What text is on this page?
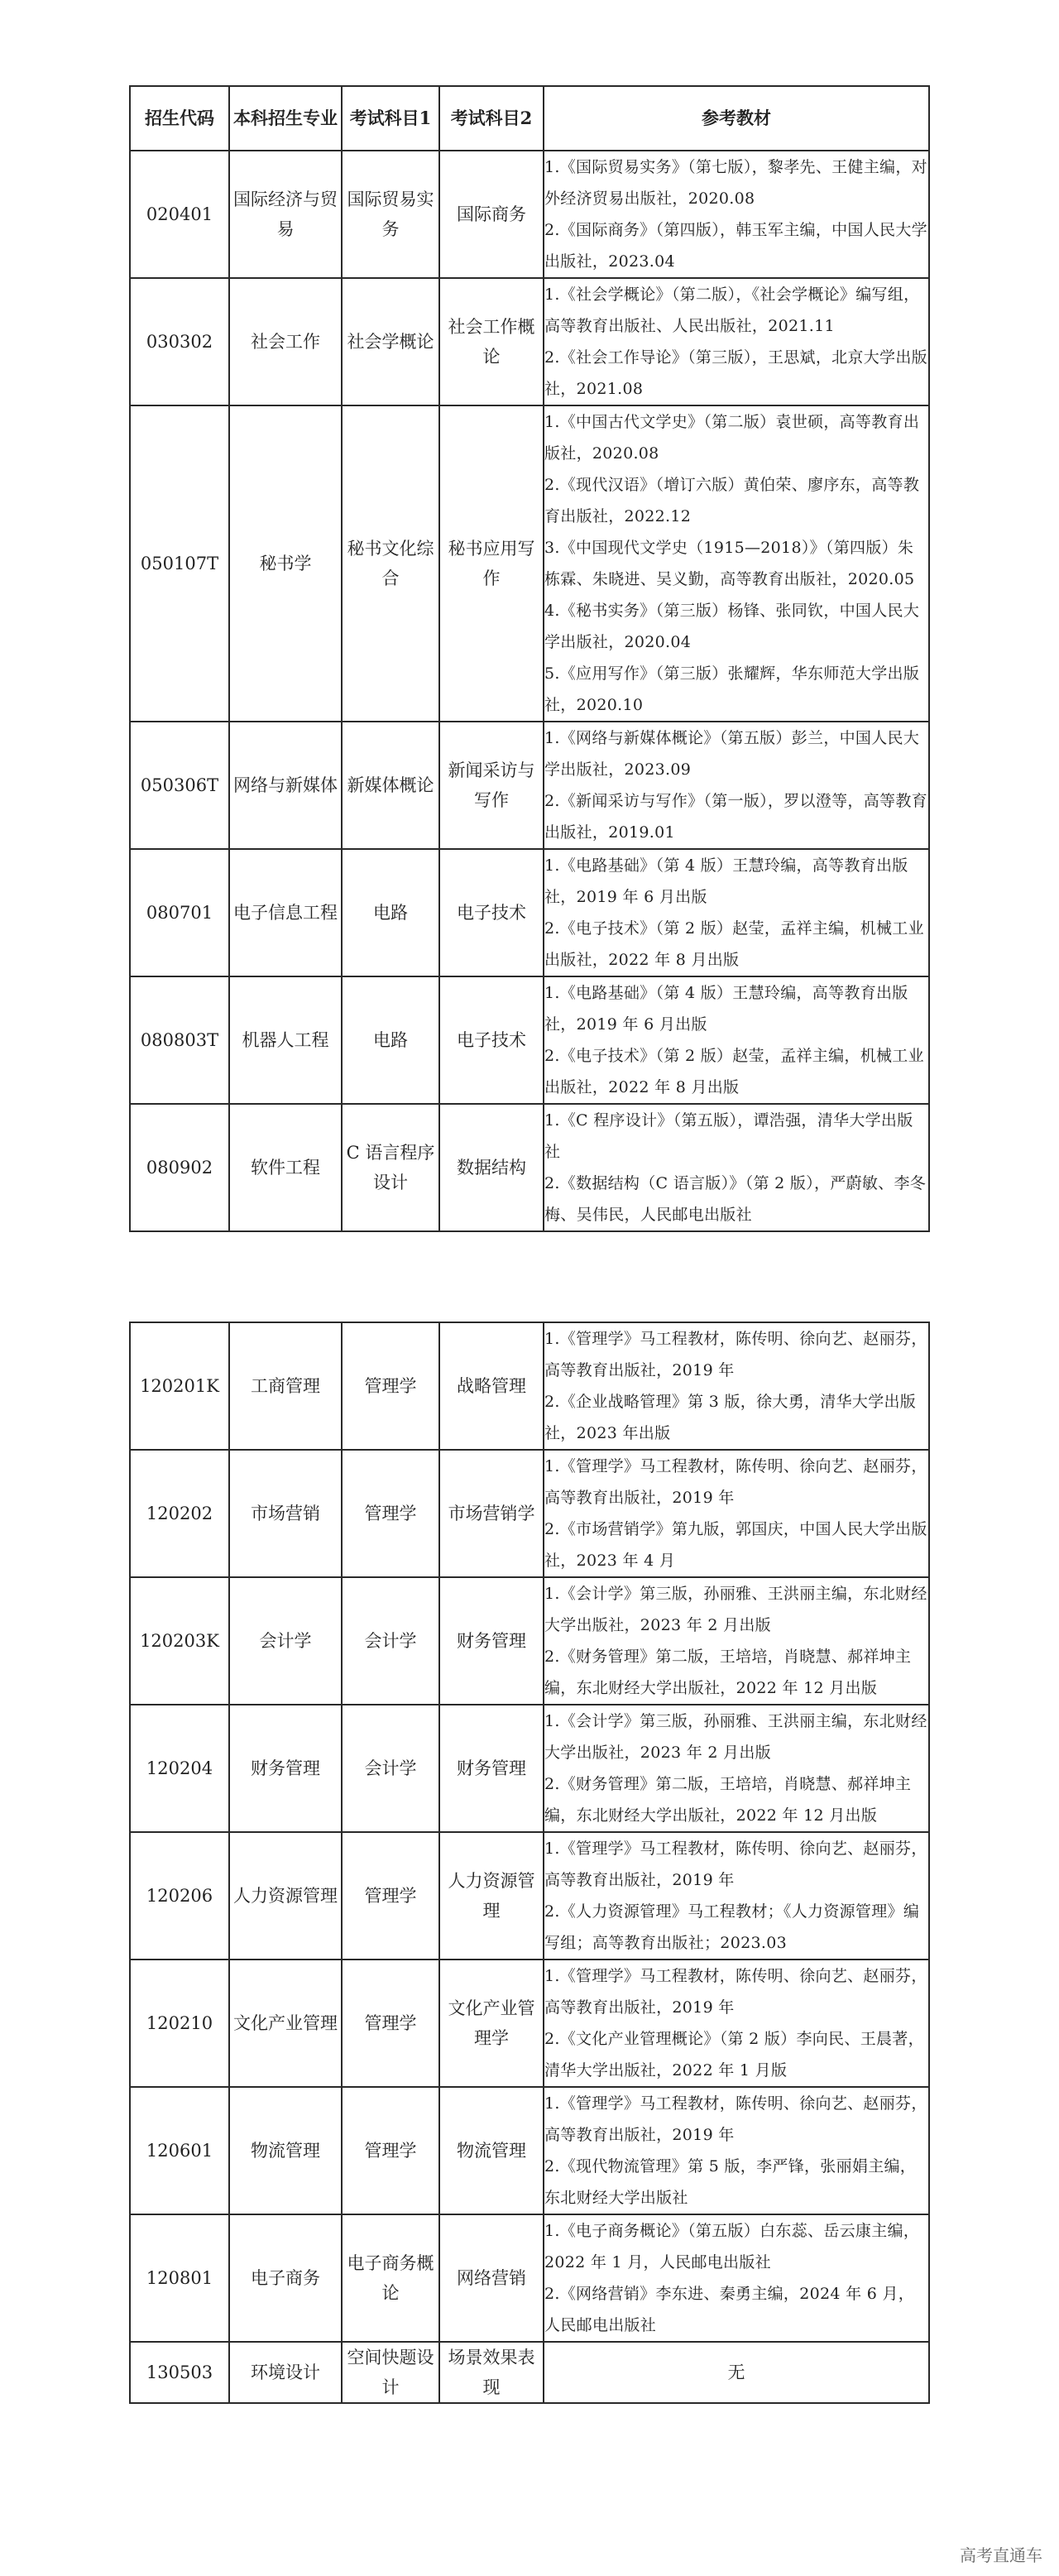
招生代码	本科招生专业	考试科目1	考试科目2	参考教材
020401	国际经济与贸易	国际贸易实务	国际商务	1.《国际贸易实务》（第七版），黎孝先、王健主编，对外经济贸易出版社，2020.08
2.《国际商务》（第四版），韩玉军主编，中国人民大学出版社，2023.04

030302	社会工作	社会学概论	社会工作概论	1.《社会学概论》（第二版），《社会学概论》编写组，高等教育出版社、人民出版社，2021.11
2.《社会工作导论》（第三版），王思斌，北京大学出版社，2021.08

050107T	秘书学	秘书文化综合	秘书应用写作	1.《中国古代文学史》（第二版）袁世硕，高等教育出版社，2020.08
2.《现代汉语》（增订六版）黄伯荣、廖序东，高等教育出版社，2022.12
3.《中国现代文学史（1915—2018）》（第四版）朱栋霖、朱晓进、吴义勤，高等教育出版社，2020.05
4.《秘书实务》（第三版）杨锋、张同钦，中国人民大学出版社，2020.04
5.《应用写作》（第三版）张耀辉，华东师范大学出版社，2020.10

050306T	网络与新媒体	新媒体概论	新闻采访与写作	1.《网络与新媒体概论》（第五版）彭兰，中国人民大学出版社，2023.09
2.《新闻采访与写作》（第一版），罗以澄等，高等教育出版社，2019.01

080701	电子信息工程	电路	电子技术	1.《电路基础》（第 4 版）王慧玲编，高等教育出版社，2019 年 6 月出版
2.《电子技术》（第 2 版）赵莹，孟祥主编，机械工业出版社，2022 年 8 月出版

080803T	机器人工程	电路	电子技术	1.《电路基础》（第 4 版）王慧玲编，高等教育出版社，2019 年 6 月出版
2.《电子技术》（第 2 版）赵莹，孟祥主编，机械工业出版社，2022 年 8 月出版

080902	软件工程	C 语言程序设计	数据结构	1.《C 程序设计》（第五版），谭浩强，清华大学出版社
2.《数据结构（C 语言版）》（第 2 版），严蔚敏、李冬梅、吴伟民，人民邮电出版社
120201K	工商管理	管理学	战略管理	1.《管理学》马工程教材，陈传明、徐向艺、赵丽芬，高等教育出版社，2019 年
2.《企业战略管理》第 3 版，徐大勇，清华大学出版社，2023 年出版

120202	市场营销	管理学	市场营销学	1.《管理学》马工程教材，陈传明、徐向艺、赵丽芬，高等教育出版社，2019 年
2.《市场营销学》第九版，郭国庆，中国人民大学出版社，2023 年 4 月

120203K	会计学	会计学	财务管理	1.《会计学》第三版，孙丽雅、王洪丽主编，东北财经大学出版社，2023 年 2 月出版
2.《财务管理》第二版，王培培，肖晓慧、郝祥坤主编，东北财经大学出版社，2022 年 12 月出版

120204	财务管理	会计学	财务管理	1.《会计学》第三版，孙丽雅、王洪丽主编，东北财经大学出版社，2023 年 2 月出版
2.《财务管理》第二版，王培培，肖晓慧、郝祥坤主编，东北财经大学出版社，2022 年 12 月出版

120206	人力资源管理	管理学	人力资源管理	1.《管理学》马工程教材，陈传明、徐向艺、赵丽芬，高等教育出版社，2019 年
2.《人力资源管理》马工程教材；《人力资源管理》编写组；高等教育出版社；2023.03

120210	文化产业管理	管理学	文化产业管理学	1.《管理学》马工程教材，陈传明、徐向艺、赵丽芬，高等教育出版社，2019 年
2.《文化产业管理概论》（第 2 版）李向民、王晨著，清华大学出版社，2022 年 1 月版

120601	物流管理	管理学	物流管理	1.《管理学》马工程教材，陈传明、徐向艺、赵丽芬，高等教育出版社，2019 年
2.《现代物流管理》第 5 版，李严锋，张丽娟主编，东北财经大学出版社

120801	电子商务	电子商务概论	网络营销	1.《电子商务概论》（第五版）白东蕊、岳云康主编，2022 年 1 月，人民邮电出版社
2.《网络营销》李东进、秦勇主编，2024 年 6 月，人民邮电出版社

130503	环境设计	空间快题设计	场景效果表现	无
高考直通车
